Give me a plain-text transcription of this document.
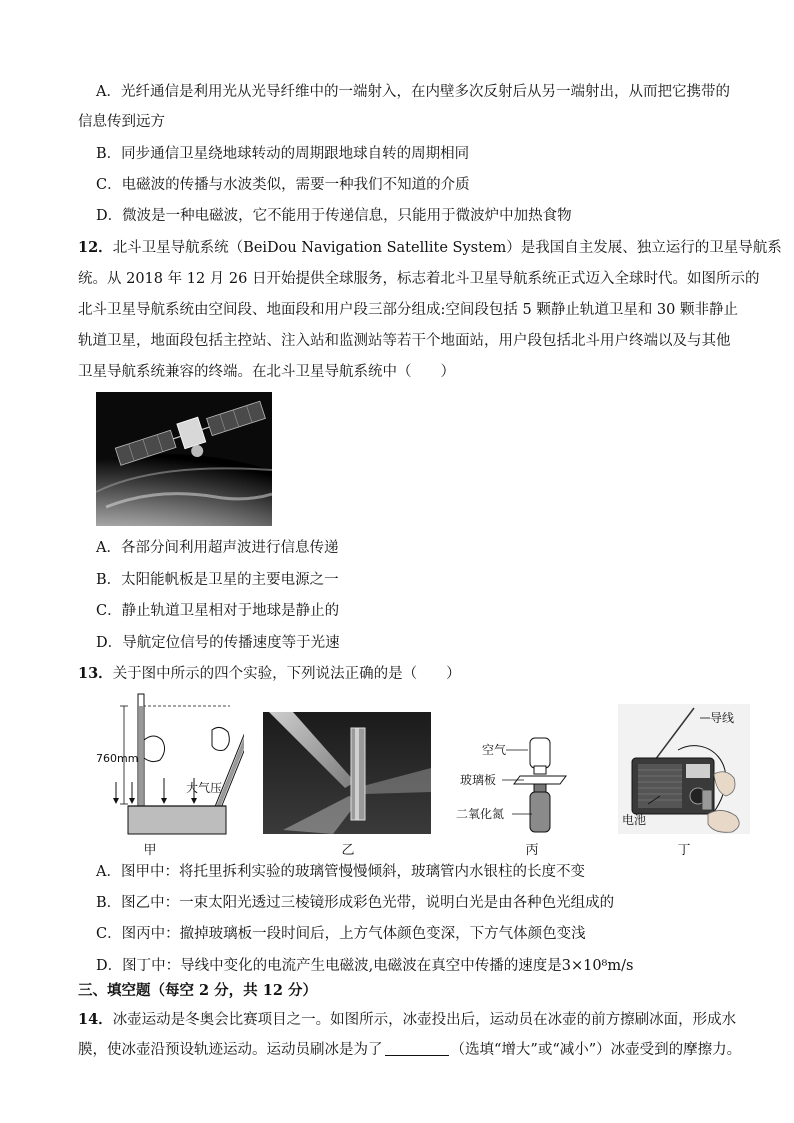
A．光纤通信是利用光从光导纤维中的一端射入，在内壁多次反射后从另一端射出，从而把它携带的
信息传到远方
B．同步通信卫星绕地球转动的周期跟地球自转的周期相同
C．电磁波的传播与水波类似，需要一种我们不知道的介质
D．微波是一种电磁波，它不能用于传递信息，只能用于微波炉中加热食物
12．北斗卫星导航系统（BeiDou Navigation Satellite System）是我国自主发展、独立运行的卫星导航系
统。从 2018 年 12 月 26 日开始提供全球服务，标志着北斗卫星导航系统正式迈入全球时代。如图所示的
北斗卫星导航系统由空间段、地面段和用户段三部分组成:空间段包括 5 颗静止轨道卫星和 30 颗非静止
轨道卫星，地面段包括主控站、注入站和监测站等若干个地面站，用户段包括北斗用户终端以及与其他
卫星导航系统兼容的终端。在北斗卫星导航系统中（　　）
A．各部分间利用超声波进行信息传递
B．太阳能帆板是卫星的主要电源之一
C．静止轨道卫星相对于地球是静止的
D．导航定位信号的传播速度等于光速
13．关于图中所示的四个实验，下列说法正确的是（　　）
760mm
大气压
甲	乙
空气
玻璃板
二氧化氮
丙
导线
电池
丁
A．图甲中：将托里拆利实验的玻璃管慢慢倾斜，玻璃管内水银柱的长度不变
B．图乙中：一束太阳光透过三棱镜形成彩色光带，说明白光是由各种色光组成的
C．图丙中：撤掉玻璃板一段时间后，上方气体颜色变深，下方气体颜色变浅
D．图丁中：导线中变化的电流产生电磁波,电磁波在真空中传播的速度是3×10⁸m/s
三、填空题（每空 2 分，共 12 分）
14．冰壶运动是冬奥会比赛项目之一。如图所示，冰壶投出后，运动员在冰壶的前方擦刷冰面，形成水
膜，使冰壶沿预设轨迹运动。运动员刷冰是为了	（选填“增大”或“减小”）冰壶受到的摩擦力。
